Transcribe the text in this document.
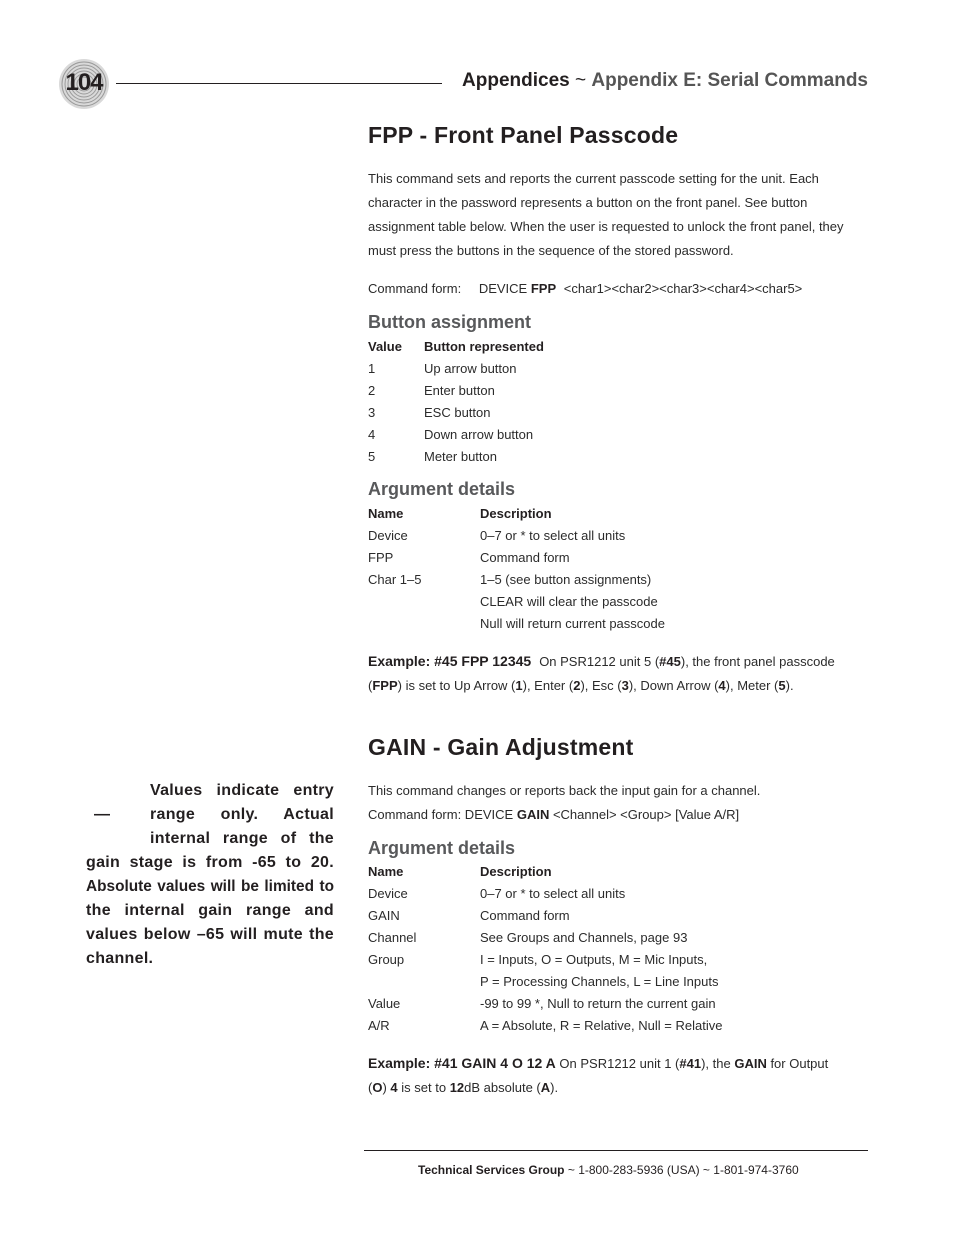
104	Appendices ~ Appendix E: Serial Commands
FPP - Front Panel Passcode
This command sets and reports the current passcode setting for the unit. Each
character in the password represents a button on the front panel. See button
assignment table below. When the user is requested to unlock the front panel, they
must press the buttons in the sequence of the stored password.
Command form: DEVICE FPP <char1><char2><char3><char4><char5>
Button assignment
Value Button represented
1	Up arrow button
2	Enter button
3	ESC button
4	Down arrow button
5	Meter button
Argument details
Name	Description
Device	0–7 or * to select all units
FPP	Command form
Char 1–5	1–5 (see button assignments)
CLEAR will clear the passcode
Null will return current passcode
Example: #45 FPP 12345 On PSR1212 unit 5 (#45), the front panel passcode
(FPP) is set to Up Arrow (1), Enter (2), Esc (3), Down Arrow (4), Meter (5).
GAIN - Gain Adjustment
This command changes or reports back the input gain for a channel.
Command form: DEVICE GAIN <Channel> <Group> [Value A/R]
Argument details
Name	Description
Device	0–7 or * to select all units
GAIN	Command form
Channel	See Groups and Channels, page 93
Group	I = Inputs, O = Outputs, M = Mic Inputs,
P = Processing Channels, L = Line Inputs
Value	-99 to 99 *, Null to return the current gain
A/R	A = Absolute, R = Relative, Null = Relative
Example: #41 GAIN 4 O 12 A On PSR1212 unit 1 (#41), the GAIN for Output
(O) 4 is set to 12dB absolute (A).
—
Values indicate entry
range only. Actual
internal range of the
gain stage is from -65 to 20.
Absolute values will be limited to
the internal gain range and
values below –65 will mute the
channel.
Technical Services Group ~ 1-800-283-5936 (USA) ~ 1-801-974-3760
